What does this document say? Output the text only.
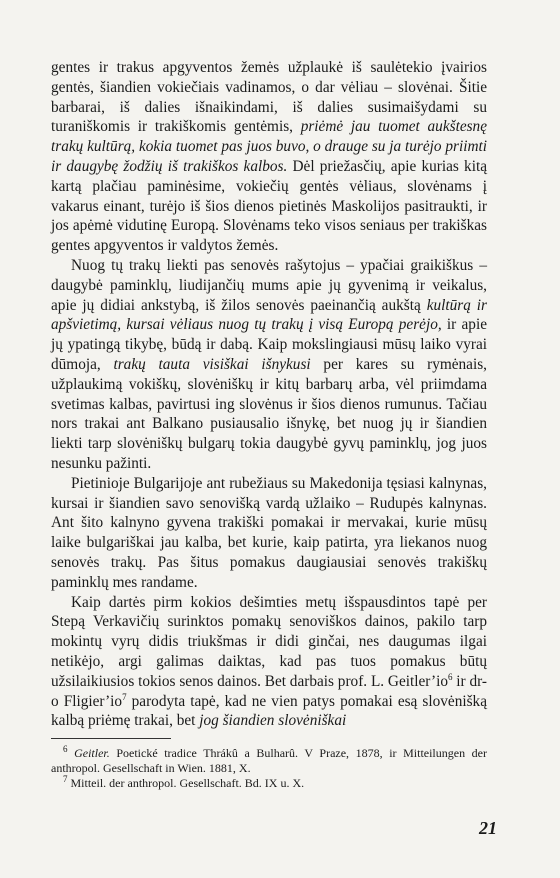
gentes ir trakus apgyventos žemės užplaukė iš saulėtekio įvairios gentės, šiandien vokiečiais vadinamos, o dar vėliau – slovėnai. Šitie barbarai, iš dalies išnaikindami, iš dalies susimaišydami su turaniškomis ir trakiškomis gentėmis, priėmė jau tuomet aukštesnę trakų kultūrą, kokia tuomet pas juos buvo, o drauge su ja turėjo priimti ir daugybę žodžių iš trakiškos kalbos. Dėl priežasčių, apie kurias kitą kartą plačiau paminėsime, vokiečių gentės vėliaus, slovėnams į vakarus einant, turėjo iš šios dienos pietinės Maskolijos pasitraukti, ir jos apėmė vidutinę Europą. Slovėnams teko visos seniaus per trakiškas gentes apgyventos ir valdytos žemės.

Nuog tų trakų liekti pas senovės rašytojus – ypačiai graikiškus – daugybė paminklų, liudijančių mums apie jų gyvenimą ir veikalus, apie jų didiai ankstybą, iš žilos senovės paeinančią aukštą kultūrą ir apšvietimą, kursai vėliaus nuog tų trakų į visą Europą perėjo, ir apie jų ypatingą tikybę, būdą ir dabą. Kaip mokslingiausi mūsų laiko vyrai dūmoja, trakų tauta visiškai išnykusi per kares su rymėnais, užplaukimą vokiškų, slovėniškų ir kitų barbarų arba, vėl priimdama svetimas kalbas, pavirtusi ing slovėnus ir šios dienos rumunus. Tačiau nors trakai ant Balkano pusiausalio išnykę, bet nuog jų ir šiandien liekti tarp slovėniškų bulgarų tokia daugybė gyvų paminklų, jog juos nesunku pažinti.

Pietinioje Bulgarijoje ant rubežiaus su Makedonija tęsiasi kalnynas, kursai ir šiandien savo senovišką vardą užlaiko – Rudupės kalnynas. Ant šito kalnyno gyvena trakiški pomakai ir mervakai, kurie mūsų laike bulgariškai jau kalba, bet kurie, kaip patirta, yra liekanos nuog senovės trakų. Pas šitus pomakus daugiausiai senovės trakiškų paminklų mes randame.

Kaip dartės pirm kokios dešimties metų išspausdintos tapė per Stepą Verkavičių surinktos pomakų senoviškos dainos, pakilo tarp mokintų vyrų didis triukšmas ir didi ginčai, nes daugumas ilgai netikėjo, argi galimas daiktas, kad pas tuos pomakus būtų užsilaikiusios tokios senos dainos. Bet darbais prof. L. $Geitler’io^6$ ir dr-o $Fligier’io^7$ parodyta tapė, kad ne vien patys pomakai esą slovėnišką kalbą priėmę trakai, bet jog šiandien slovėniškai

$^6$ Geitler. Poetické tradice Thrákû a Bulharû. V Praze, 1878, ir Mitteilungen der anthropol. Gesellschaft in Wien. 1881, X.

$^7$ Mitteil. der anthropol. Gesellschaft. Bd. IX u. X.

21
